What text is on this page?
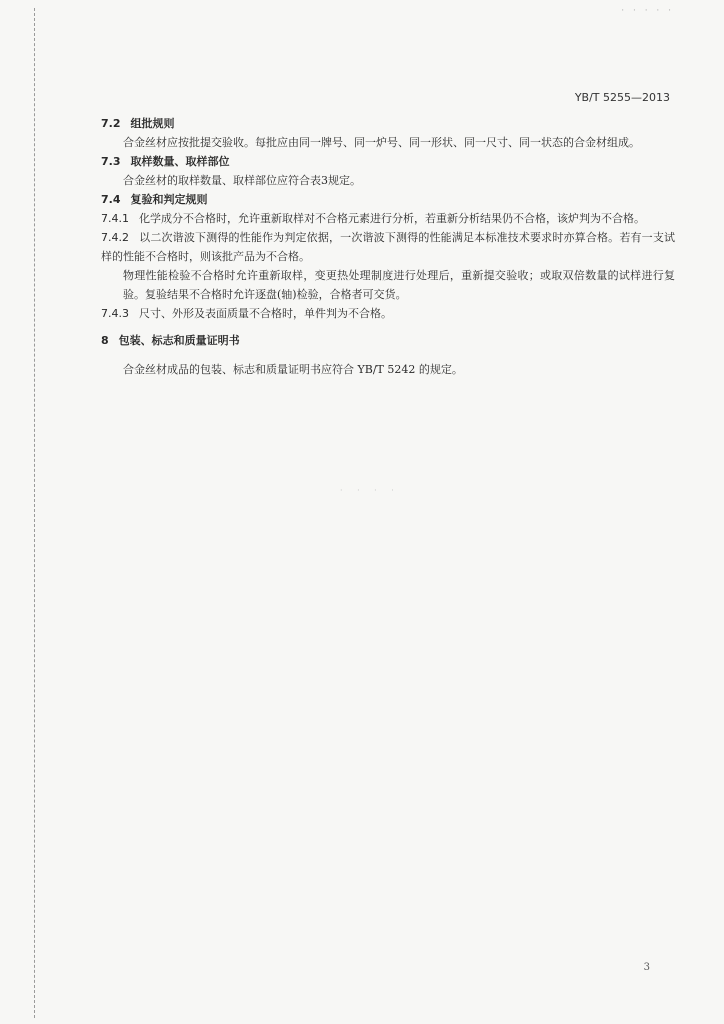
· · · · ·
YB/T 5255—2013
7.2 组批规则
合金丝材应按批提交验收。每批应由同一牌号、同一炉号、同一形状、同一尺寸、同一状态的合金材组成。
7.3 取样数量、取样部位
合金丝材的取样数量、取样部位应符合表3规定。
7.4 复验和判定规则
7.4.1 化学成分不合格时，允许重新取样对不合格元素进行分析，若重新分析结果仍不合格，该炉判为不合格。
7.4.2 以二次谐波下测得的性能作为判定依据，一次谐波下测得的性能满足本标准技术要求时亦算合格。若有一支试样的性能不合格时，则该批产品为不合格。
物理性能检验不合格时允许重新取样，变更热处理制度进行处理后，重新提交验收；或取双倍数量的试样进行复验。复验结果不合格时允许逐盘(轴)检验，合格者可交货。
7.4.3 尺寸、外形及表面质量不合格时，单件判为不合格。
8 包装、标志和质量证明书
合金丝材成品的包装、标志和质量证明书应符合 YB/T 5242 的规定。
· · · ·
3
